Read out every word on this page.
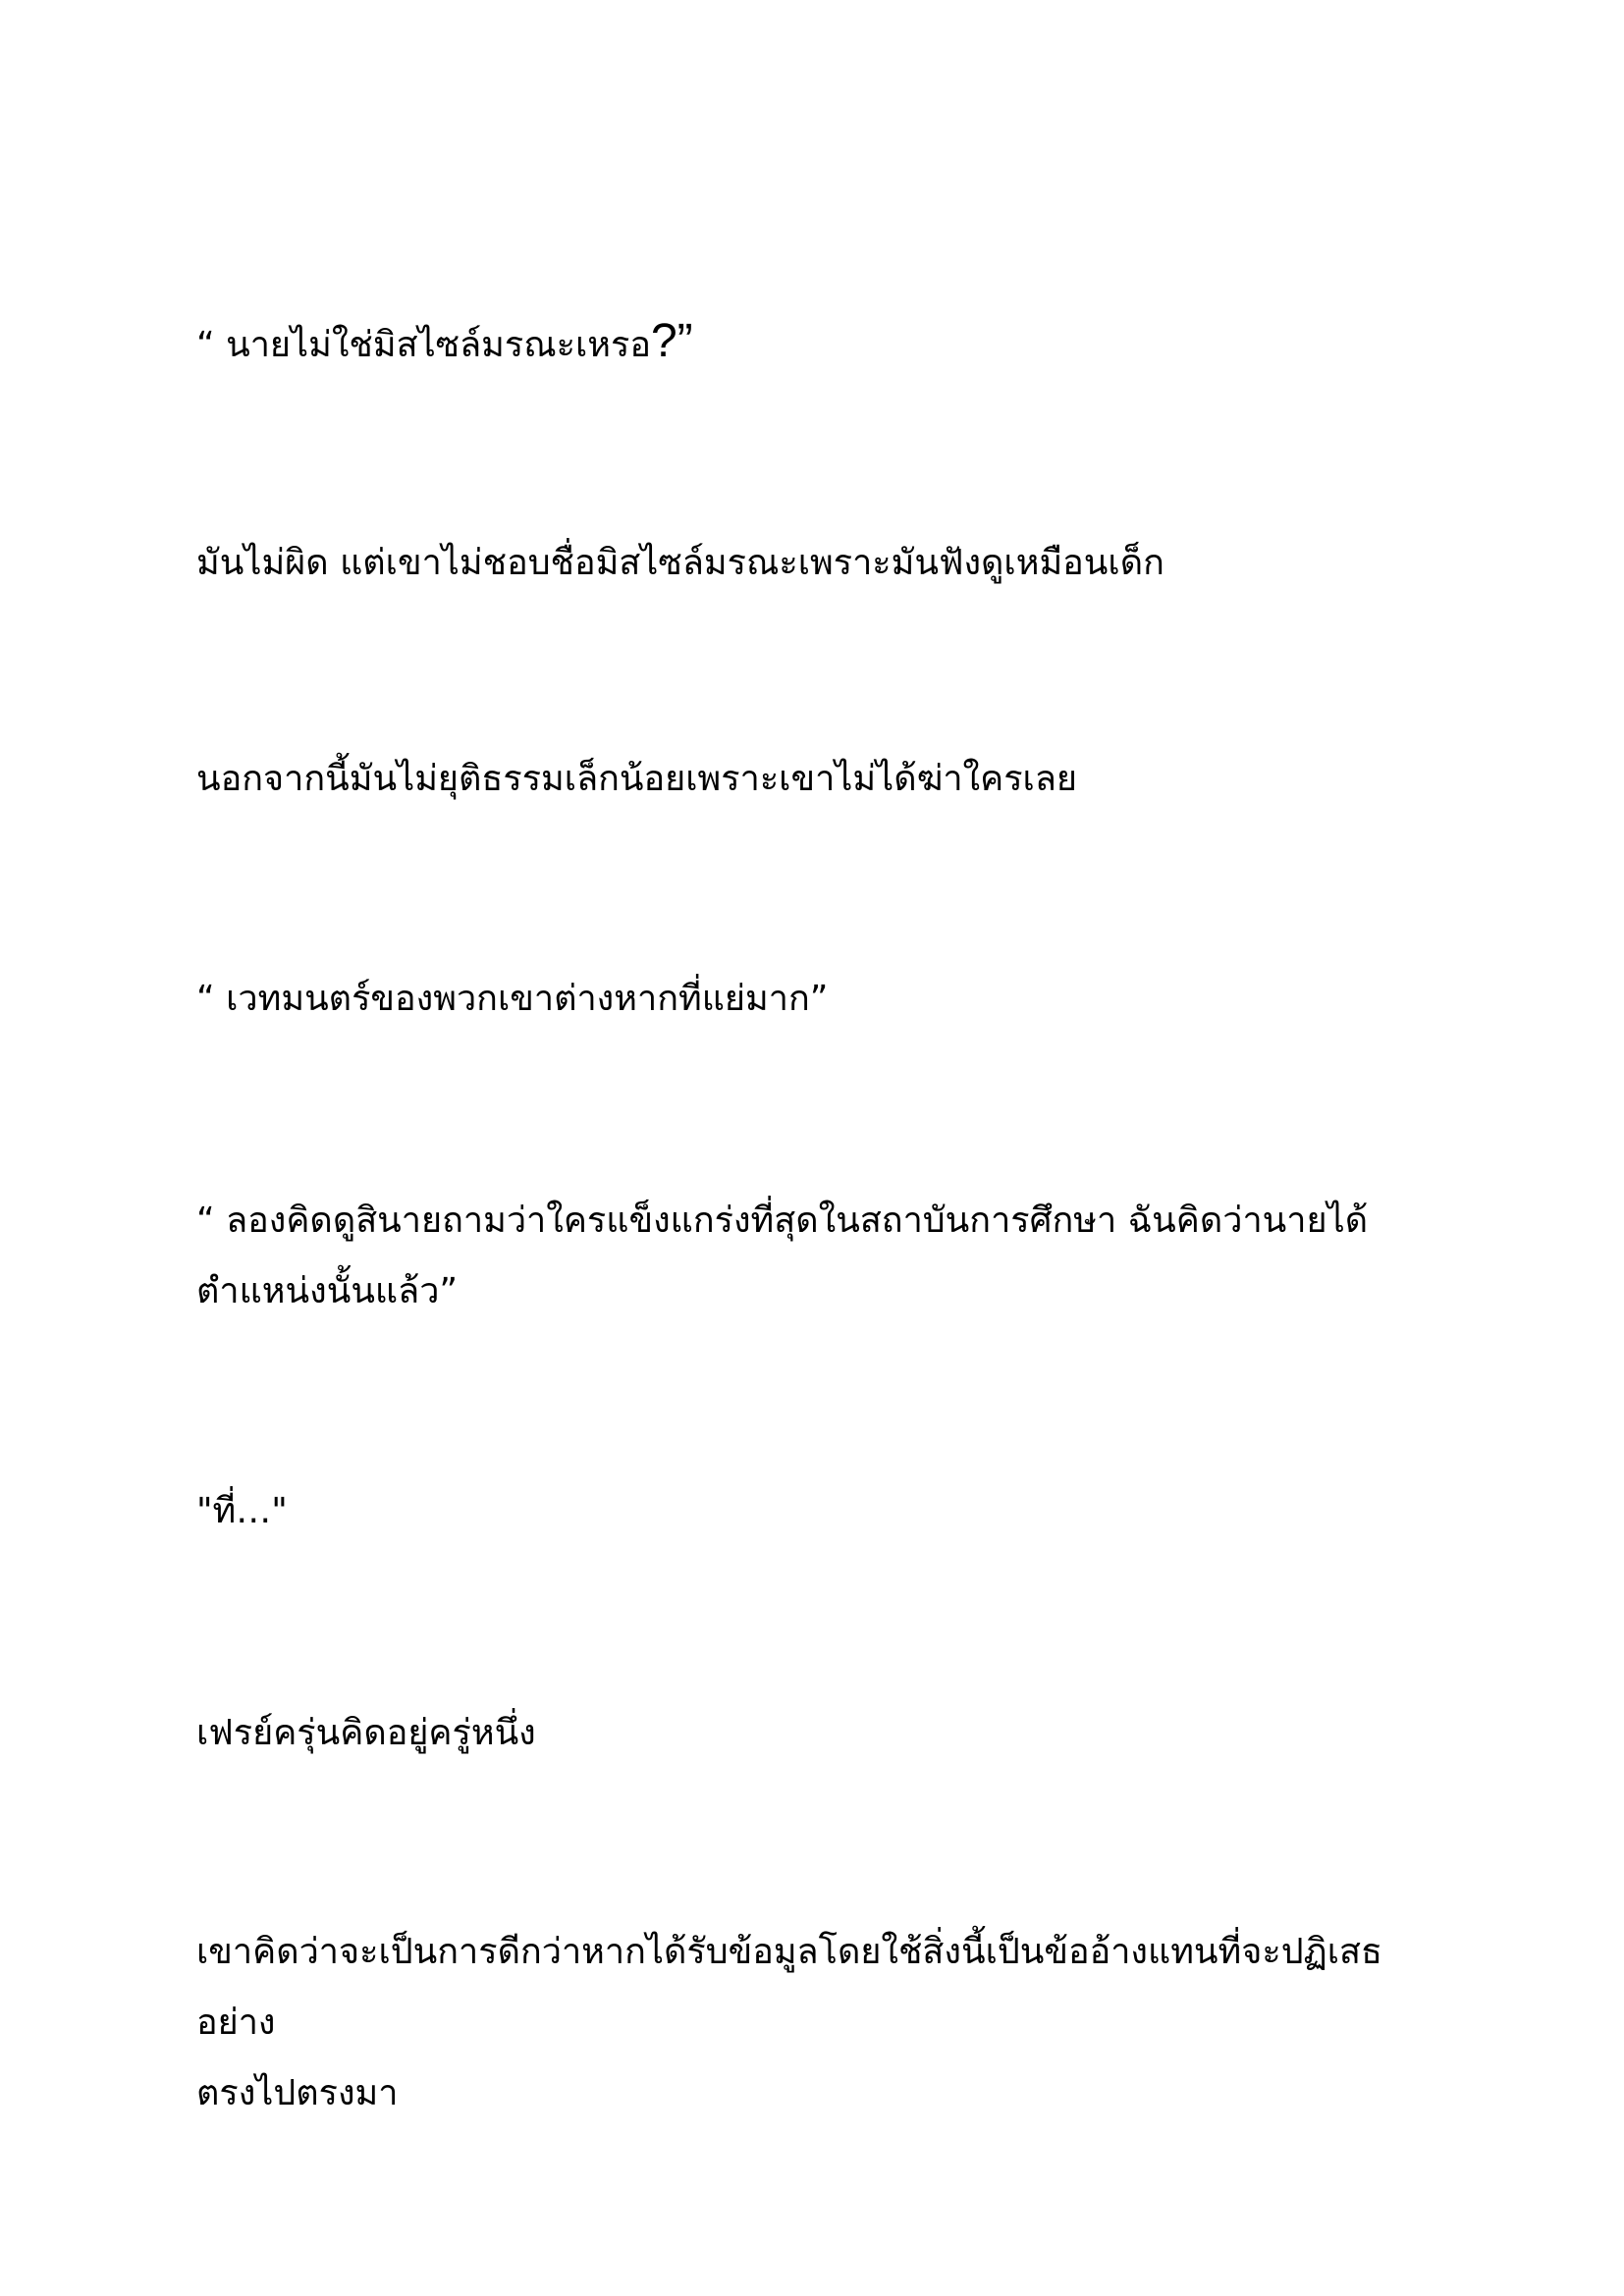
“ นายไม่ใช่มิสไซล์มรณะเหรอ?”

มันไม่ผิด แต่เขาไม่ชอบชื่อมิสไซล์มรณะเพราะมันฟังดูเหมือนเด็ก

นอกจากนี้มันไม่ยุติธรรมเล็กน้อยเพราะเขาไม่ได้ฆ่าใครเลย

“ เวทมนตร์ของพวกเขาต่างหากที่แย่มาก”

“ ลองคิดดูสินายถามว่าใครแข็งแกร่งที่สุดในสถาบันการศึกษา ฉันคิดว่านายได้
ตำแหน่งนั้นแล้ว”

"ที่…"

เฟรย์ครุ่นคิดอยู่ครู่หนึ่ง

เขาคิดว่าจะเป็นการดีกว่าหากได้รับข้อมูลโดยใช้สิ่งนี้เป็นข้ออ้างแทนที่จะปฏิเสธอย่าง
ตรงไปตรงมา
